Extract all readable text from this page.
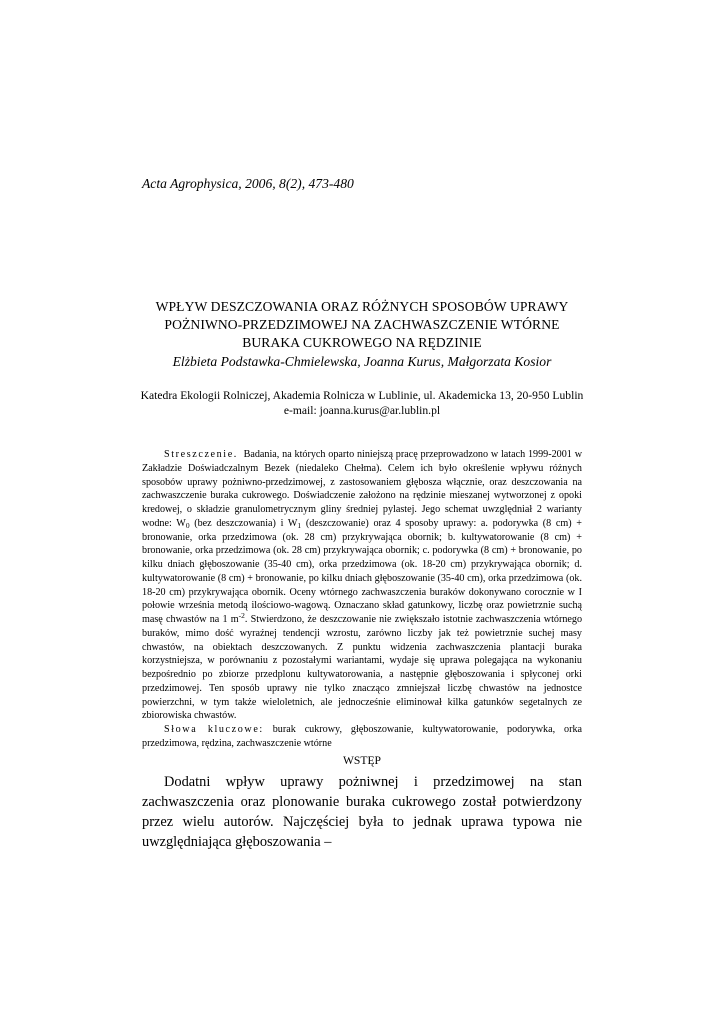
Acta Agrophysica, 2006, 8(2), 473-480
WPŁYW DESZCZOWANIA ORAZ RÓŻNYCH SPOSOBÓW UPRAWY
POŻNIWNO-PRZEDZIMOWEJ NA ZACHWASZCZENIE WTÓRNE
BURAKA CUKROWEGO NA RĘDZINIE
Elżbieta Podstawka-Chmielewska, Joanna Kurus, Małgorzata Kosior
Katedra Ekologii Rolniczej, Akademia Rolnicza w Lublinie, ul. Akademicka 13, 20-950 Lublin
e-mail: joanna.kurus@ar.lublin.pl

Streszczenie. Badania, na których oparto niniejszą pracę przeprowadzono w latach 1999-2001 w Zakładzie Doświadczalnym Bezek (niedaleko Chełma). Celem ich było określenie wpływu różnych sposobów uprawy pożniwno-przedzimowej, z zastosowaniem głębosza włącznie, oraz deszczowania na zachwaszczenie buraka cukrowego. Doświadczenie założono na rędzinie mieszanej wytworzonej z opoki kredowej, o składzie granulometrycznym gliny średniej pylastej. Jego schemat uwzględniał 2 warianty wodne: $W_0$ (bez deszczowania) i $W_1$ (deszczowanie) oraz 4 sposoby uprawy: a. podorywka (8 cm) + bronowanie, orka przedzimowa (ok. 28 cm) przykrywająca obornik; b. kultywatorowanie (8 cm) + bronowanie, orka przedzimowa (ok. 28 cm) przykrywająca obornik; c. podorywka (8 cm) + bronowanie, po kilku dniach głęboszowanie (35-40 cm), orka przedzimowa (ok. 18-20 cm) przykrywająca obornik; d. kultywatorowanie (8 cm) + bronowanie, po kilku dniach głęboszowanie (35-40 cm), orka przedzimowa (ok. 18-20 cm) przykrywająca obornik. Oceny wtórnego zachwaszczenia buraków dokonywano corocznie w I połowie września metodą ilościowo-wagową. Oznaczano skład gatunkowy, liczbę oraz powietrznie suchą masę chwastów na 1 $m^{-2}$. Stwierdzono, że deszczowanie nie zwiększało istotnie zachwaszczenia wtórnego buraków, mimo dość wyraźnej tendencji wzrostu, zarówno liczby jak też powietrznie suchej masy chwastów, na obiektach deszczowanych. Z punktu widzenia zachwaszczenia plantacji buraka korzystniejsza, w porównaniu z pozostałymi wariantami, wydaje się uprawa polegająca na wykonaniu bezpośrednio po zbiorze przedplonu kultywatorowania, a następnie głęboszowania i spłyconej orki przedzimowej. Ten sposób uprawy nie tylko znacząco zmniejszał liczbę chwastów na jednostce powierzchni, w tym także wieloletnich, ale jednocześnie eliminował kilka gatunków segetalnych ze zbiorowiska chwastów.

Słowa kluczowe: burak cukrowy, głęboszowanie, kultywatorowanie, podorywka, orka przedzimowa, rędzina, zachwaszczenie wtórne

WSTĘP

Dodatni wpływ uprawy pożniwnej i przedzimowej na stan zachwaszczenia oraz plonowanie buraka cukrowego został potwierdzony przez wielu autorów. Najczęściej była to jednak uprawa typowa nie uwzględniająca głęboszowania –
